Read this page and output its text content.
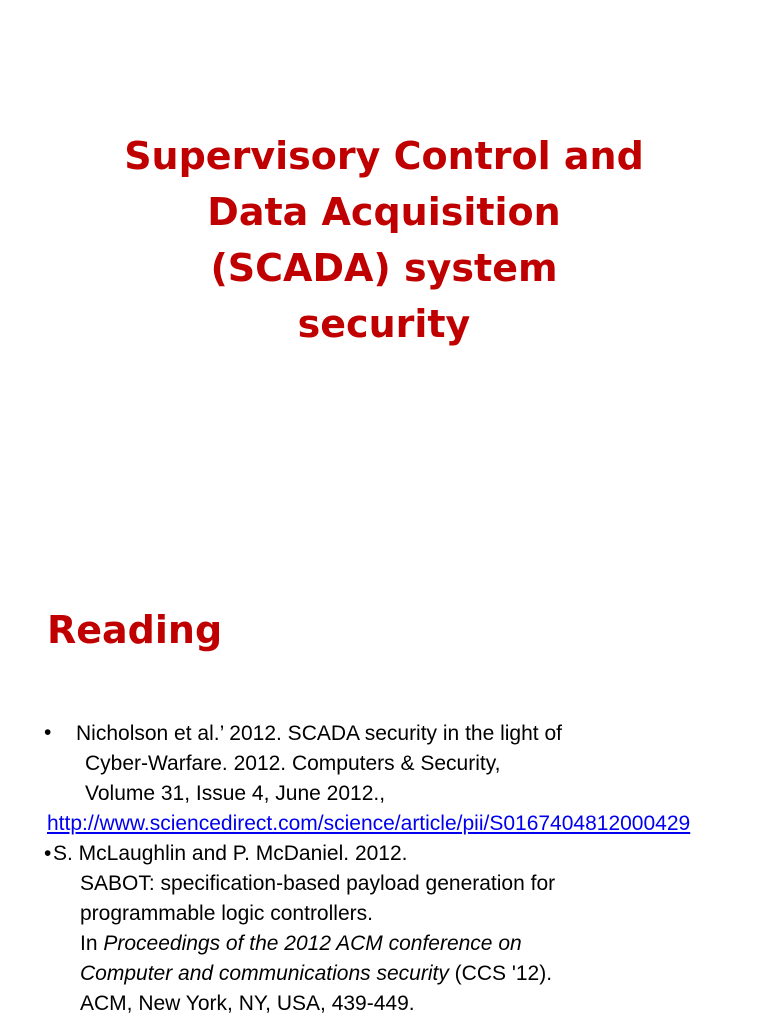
Supervisory Control and
Data Acquisition
(SCADA) system
security
Reading
• Nicholson et al.’ 2012. SCADA security in the light of
Cyber-Warfare. 2012. Computers & Security,
Volume 31, Issue 4, June 2012.,
http://www.sciencedirect.com/science/article/pii/S0167404812000429
• S. McLaughlin and P. McDaniel. 2012.
SABOT: specification-based payload generation for
programmable logic controllers.
In Proceedings of the 2012 ACM conference on
Computer and communications security (CCS '12).
ACM, New York, NY, USA, 439-449.
